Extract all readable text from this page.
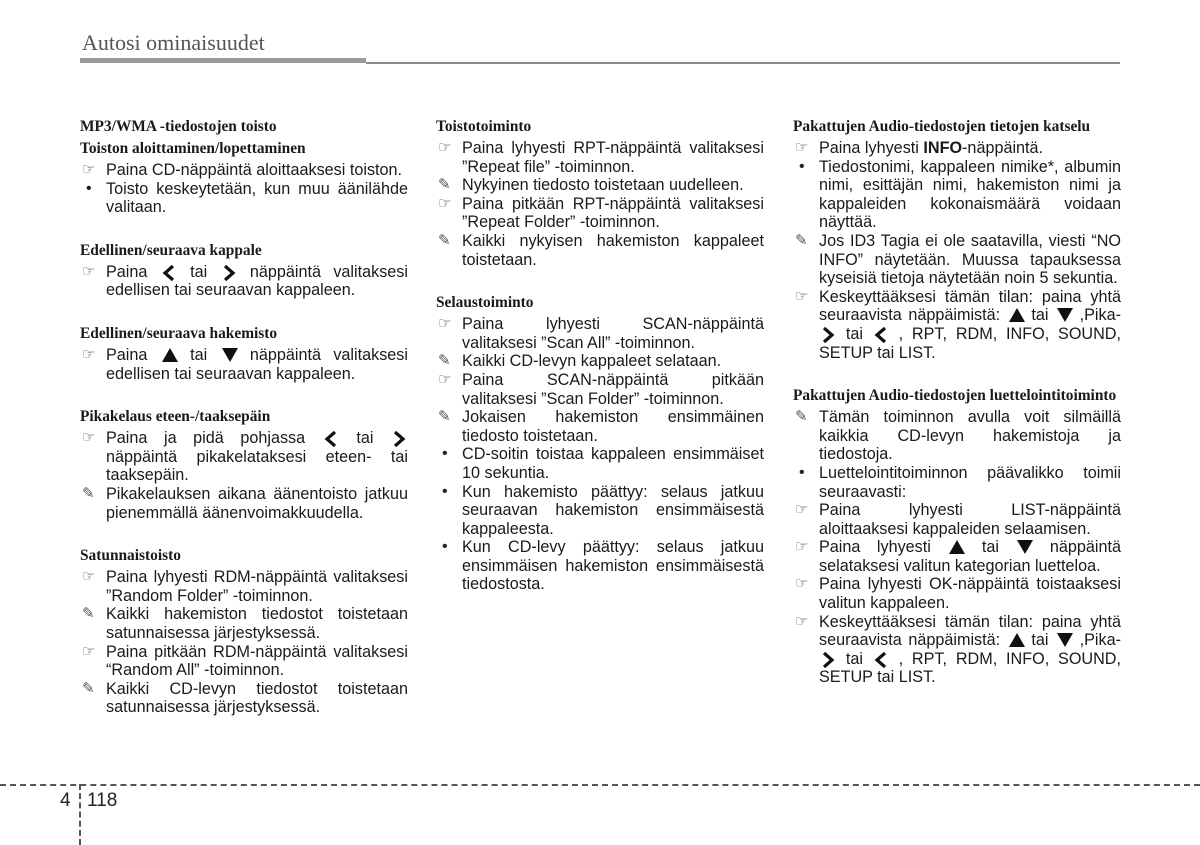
Autosi ominaisuudet
MP3/WMA -tiedostojen toisto
Toiston aloittaminen/lopettaminen
☞ Paina CD-näppäintä aloittaaksesi toiston.
• Toisto keskeytetään, kun muu äänilähde valitaan.
Edellinen/seuraava kappale
☞ Paina
tai
näppäintä valitaksesi edellisen tai seuraavan kappaleen.
Edellinen/seuraava hakemisto
☞ Paina
tai
näppäintä valitaksesi edellisen tai seuraavan kappaleen.
Pikakelaus eteen-/taaksepäin
☞ Paina ja pidä pohjassa
tai
näppäintä pikakelataksesi eteen- tai taaksepäin.
✎ Pikakelauksen aikana äänentoisto jatkuu pienemmällä äänenvoimakkuudella.
Satunnaistoisto
☞ Paina lyhyesti RDM-näppäintä valitaksesi ”Random Folder” -toiminnon.
✎ Kaikki hakemiston tiedostot toistetaan satunnaisessa järjestyksessä.
☞ Paina pitkään RDM-näppäintä valitaksesi “Random All” -toiminnon.
✎ Kaikki CD-levyn tiedostot toistetaan satunnaisessa järjestyksessä.
Toistotoiminto
☞ Paina lyhyesti RPT-näppäintä valitaksesi ”Repeat file” -toiminnon.
✎ Nykyinen tiedosto toistetaan uudelleen.
☞ Paina pitkään RPT-näppäintä valitaksesi ”Repeat Folder” -toiminnon.
✎ Kaikki nykyisen hakemiston kappaleet toistetaan.
Selaustoiminto
☞ Paina lyhyesti SCAN-näppäintä valitaksesi ”Scan All” -toiminnon.
✎ Kaikki CD-levyn kappaleet selataan.
☞ Paina SCAN-näppäintä pitkään valitaksesi ”Scan Folder” -toiminnon.
✎ Jokaisen hakemiston ensimmäinen tiedosto toistetaan.
• CD-soitin toistaa kappaleen ensimmäiset 10 sekuntia.
• Kun hakemisto päättyy: selaus jatkuu seuraavan hakemiston ensimmäisestä kappaleesta.
• Kun CD-levy päättyy: selaus jatkuu ensimmäisen hakemiston ensimmäisestä tiedostosta.
Pakattujen Audio-tiedostojen tietojen katselu
☞ Paina lyhyesti INFO-näppäintä.
• Tiedostonimi, kappaleen nimike*, albumin nimi, esittäjän nimi, hakemiston nimi ja kappaleiden kokonaismäärä voidaan näyttää.
✎ Jos ID3 Tagia ei ole saatavilla, viesti “NO INFO” näytetään. Muussa tapauksessa kyseisiä tietoja näytetään noin 5 sekuntia.
☞ Keskeyttääksesi tämän tilan: paina yhtä seuraavista näppäimistä:
tai
,Pika-
tai
, RPT, RDM, INFO, SOUND, SETUP tai LIST.
Pakattujen Audio-tiedostojen luettelointitoiminto
✎ Tämän toiminnon avulla voit silmäillä kaikkia CD-levyn hakemistoja ja tiedostoja.
• Luettelointitoiminnon päävalikko toimii seuraavasti:
☞ Paina lyhyesti LIST-näppäintä aloittaaksesi kappaleiden selaamisen.
☞ Paina lyhyesti
tai
näppäintä selataksesi valitun kategorian luetteloa.
☞ Paina lyhyesti OK-näppäintä toistaaksesi valitun kappaleen.
☞ Keskeyttääksesi tämän tilan: paina yhtä seuraavista näppäimistä:
tai
,Pika-
tai
, RPT, RDM, INFO, SOUND, SETUP tai LIST.
4 118
